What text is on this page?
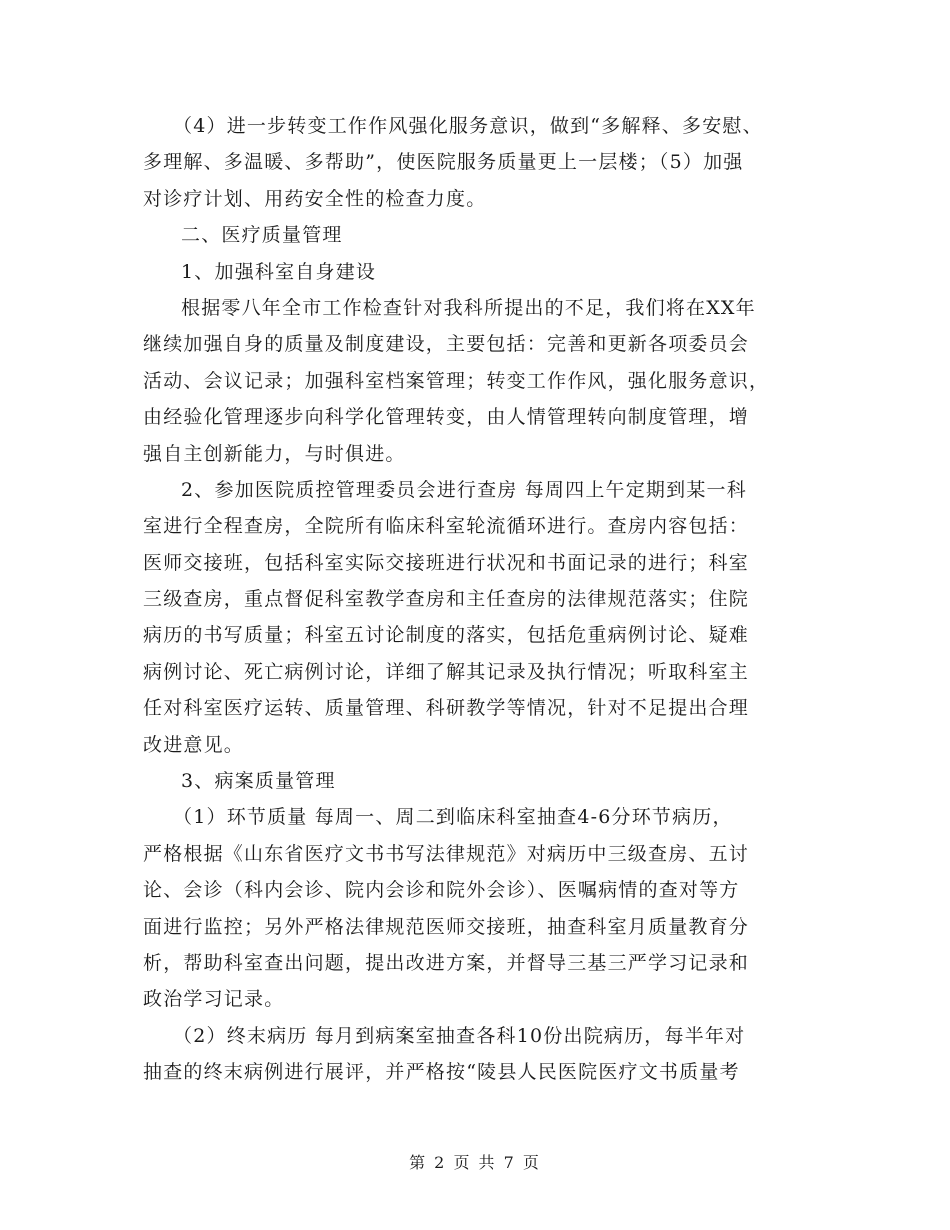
（4）进一步转变工作作风强化服务意识，做到“多解释、多安慰、
多理解、多温暖、多帮助”，使医院服务质量更上一层楼；（5）加强
对诊疗计划、用药安全性的检查力度。
二、医疗质量管理
1、加强科室自身建设
根据零八年全市工作检查针对我科所提出的不足，我们将在XX年
继续加强自身的质量及制度建设，主要包括：完善和更新各项委员会
活动、会议记录；加强科室档案管理；转变工作作风，强化服务意识，
由经验化管理逐步向科学化管理转变，由人情管理转向制度管理，增
强自主创新能力，与时俱进。
2、参加医院质控管理委员会进行查房 每周四上午定期到某一科
室进行全程查房，全院所有临床科室轮流循环进行。查房内容包括：
医师交接班，包括科室实际交接班进行状况和书面记录的进行；科室
三级查房，重点督促科室教学查房和主任查房的法律规范落实；住院
病历的书写质量；科室五讨论制度的落实，包括危重病例讨论、疑难
病例讨论、死亡病例讨论，详细了解其记录及执行情况；听取科室主
任对科室医疗运转、质量管理、科研教学等情况，针对不足提出合理
改进意见。
3、病案质量管理
（1）环节质量 每周一、周二到临床科室抽查4-6分环节病历，
严格根据《山东省医疗文书书写法律规范》对病历中三级查房、五讨
论、会诊（科内会诊、院内会诊和院外会诊）、医嘱病情的查对等方
面进行监控；另外严格法律规范医师交接班，抽查科室月质量教育分
析，帮助科室查出问题，提出改进方案，并督导三基三严学习记录和
政治学习记录。
（2）终末病历 每月到病案室抽查各科10份出院病历，每半年对
抽查的终末病例进行展评，并严格按“陵县人民医院医疗文书质量考
第 2 页 共 7 页
